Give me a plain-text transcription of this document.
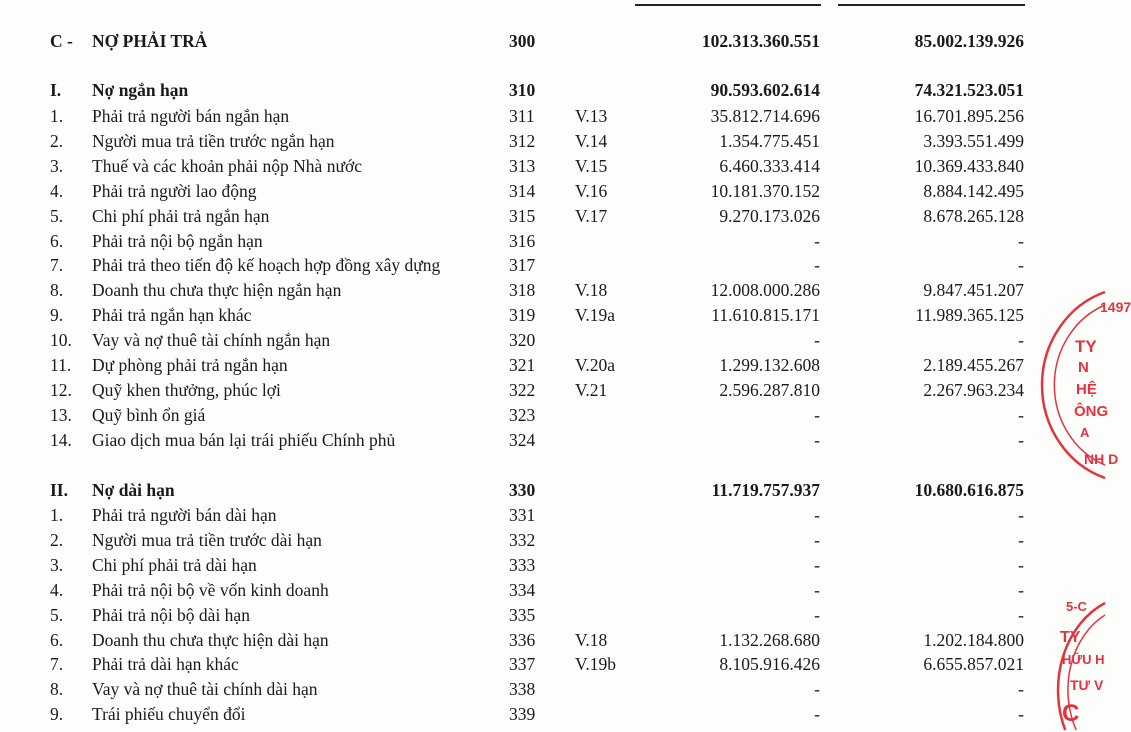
C - NỢ PHẢI TRẢ	300	102.313.360.551	85.002.139.926
I. Nợ ngắn hạn	310	90.593.602.614	74.321.523.051
1. Phải trả người bán ngắn hạn	311 V.13	35.812.714.696	16.701.895.256
2. Người mua trả tiền trước ngắn hạn	312 V.14	1.354.775.451	3.393.551.499
3. Thuế và các khoản phải nộp Nhà nước	313 V.15	6.460.333.414	10.369.433.840
4. Phải trả người lao động	314 V.16	10.181.370.152	8.884.142.495
5. Chi phí phải trả ngắn hạn	315 V.17	9.270.173.026	8.678.265.128
6. Phải trả nội bộ ngắn hạn	316	-	-
7. Phải trả theo tiến độ kế hoạch hợp đồng xây dựng	317	-	-
8. Doanh thu chưa thực hiện ngắn hạn	318 V.18	12.008.000.286	9.847.451.207
9. Phải trả ngắn hạn khác	319 V.19a	11.610.815.171	11.989.365.125
10. Vay và nợ thuê tài chính ngắn hạn	320	-	-
11. Dự phòng phải trả ngắn hạn	321 V.20a	1.299.132.608	2.189.455.267
12. Quỹ khen thưởng, phúc lợi	322 V.21	2.596.287.810	2.267.963.234
13. Quỹ bình ổn giá	323	-	-
14. Giao dịch mua bán lại trái phiếu Chính phủ	324	-	-
II. Nợ dài hạn	330	11.719.757.937	10.680.616.875
1. Phải trả người bán dài hạn	331	-	-
2. Người mua trả tiền trước dài hạn	332	-	-
3. Chi phí phải trả dài hạn	333	-	-
4. Phải trả nội bộ về vốn kinh doanh	334	-	-
5. Phải trả nội bộ dài hạn	335	-	-
6. Doanh thu chưa thực hiện dài hạn	336 V.18	1.132.268.680	1.202.184.800
7. Phải trả dài hạn khác	337 V.19b	8.105.916.426	6.655.857.021
8. Vay và nợ thuê tài chính dài hạn	338	-	-
9. Trái phiếu chuyển đổi	339	-	-
1497
TY
N
HỆ
ÔNG
A
NH D
5-C
TY
HỮU H
TƯ V
C
